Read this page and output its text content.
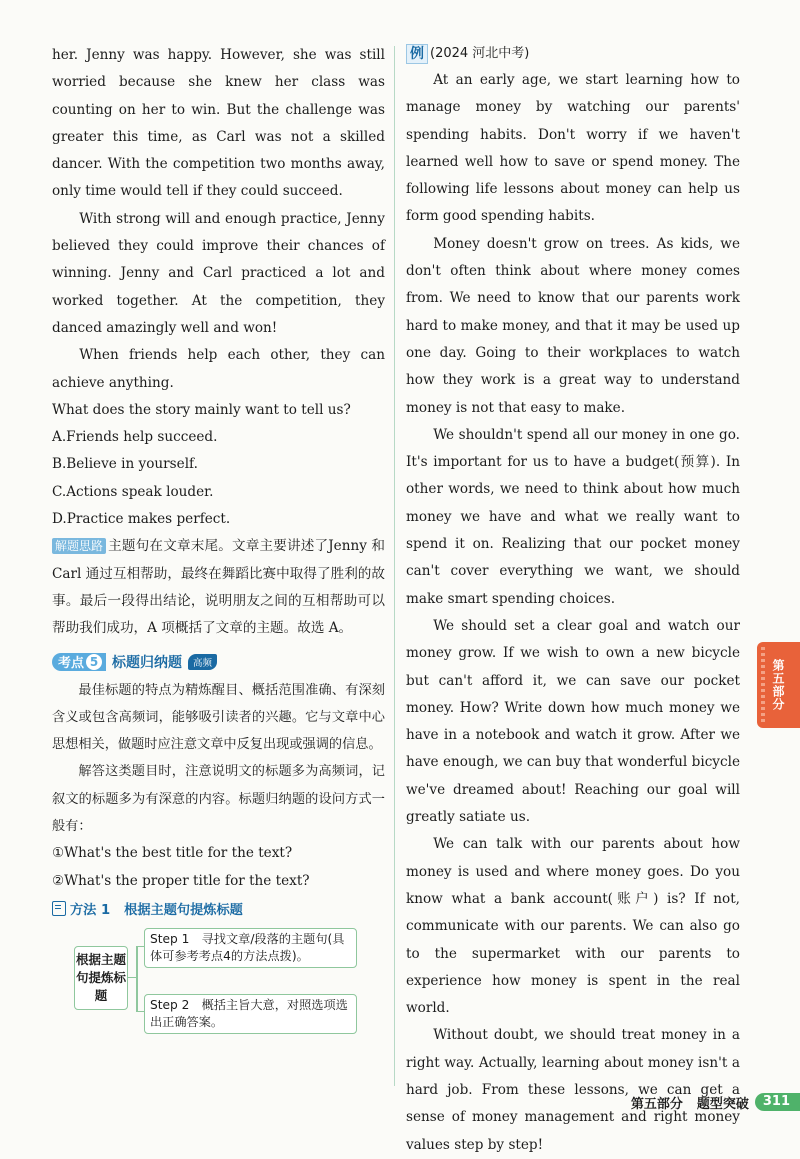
her. Jenny was happy. However, she was still worried because she knew her class was counting on her to win. But the challenge was greater this time, as Carl was not a skilled dancer. With the competition two months away, only time would tell if they could succeed.

With strong will and enough practice, Jenny believed they could improve their chances of winning. Jenny and Carl practiced a lot and worked together. At the competition, they danced amazingly well and won!

When friends help each other, they can achieve anything.

What does the story mainly want to tell us?

A.Friends help succeed.

B.Believe in yourself.

C.Actions speak louder.

D.Practice makes perfect.

解题思路 主题句在文章末尾。文章主要讲述了Jenny 和 Carl 通过互相帮助，最终在舞蹈比赛中取得了胜利的故事。最后一段得出结论，说明朋友之间的互相帮助可以帮助我们成功，A 项概括了文章的主题。故选 A。

考点 5 标题归纳题	高频

最佳标题的特点为精炼醒目、概括范围准确、有深刻含义或包含高频词，能够吸引读者的兴趣。它与文章中心思想相关，做题时应注意文章中反复出现或强调的信息。

解答这类题目时，注意说明文的标题多为高频词，记叙文的标题多为有深意的内容。标题归纳题的设问方式一般有：

①What's the best title for the text?

②What's the proper title for the text?

方法 1 根据主题句提炼标题
根据主题句提炼标题
Step 1　寻找文章/段落的主题句(具体可参考考点4的方法点拨)。
Step 2　概括主旨大意，对照选项选出正确答案。
例 (2024 河北中考)

At an early age, we start learning how to manage money by watching our parents' spending habits. Don't worry if we haven't learned well how to save or spend money. The following life lessons about money can help us form good spending habits.

Money doesn't grow on trees. As kids, we don't often think about where money comes from. We need to know that our parents work hard to make money, and that it may be used up one day. Going to their workplaces to watch how they work is a great way to understand money is not that easy to make.

We shouldn't spend all our money in one go. It's important for us to have a budget(预算). In other words, we need to think about how much money we have and what we really want to spend it on. Realizing that our pocket money can't cover everything we want, we should make smart spending choices.

We should set a clear goal and watch our money grow. If we wish to own a new bicycle but can't afford it, we can save our pocket money. How? Write down how much money we have in a notebook and watch it grow. After we have enough, we can buy that wonderful bicycle we've dreamed about! Reaching our goal will greatly satiate us.

We can talk with our parents about how money is used and where money goes. Do you know what a bank account(账户) is? If not, communicate with our parents. We can also go to the supermarket with our parents to experience how money is spent in the real world.

Without doubt, we should treat money in a right way. Actually, learning about money isn't a hard job. From these lessons, we can get a sense of money management and right money values step by step!

第五部分
第五部分 题型突破	311
